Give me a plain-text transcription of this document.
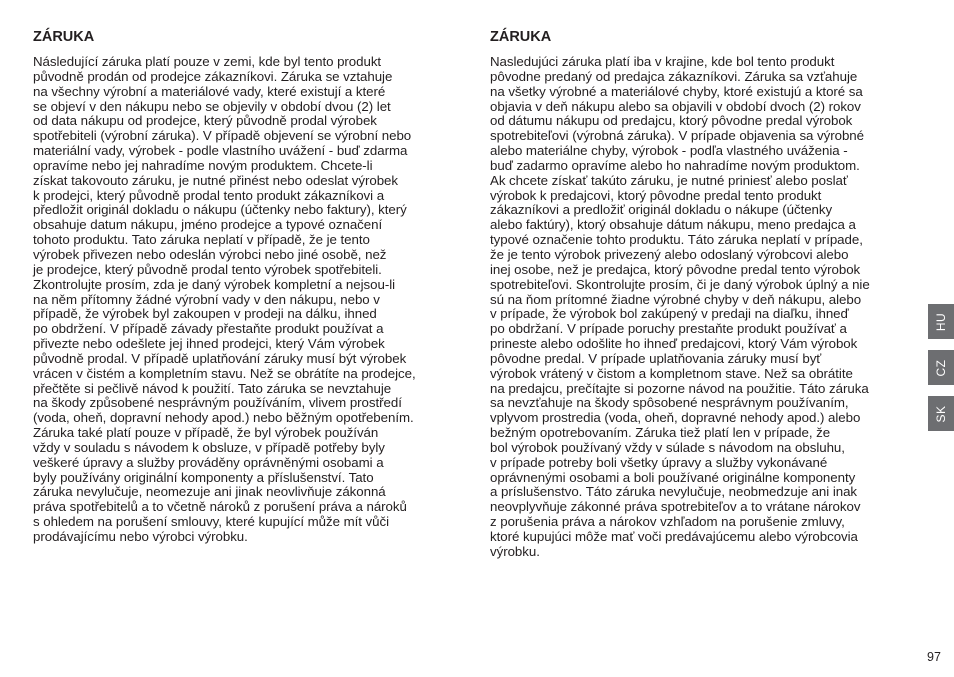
ZÁRUKA
Následující záruka platí pouze v zemi, kde byl tento produkt
původně prodán od prodejce zákazníkovi. Záruka se vztahuje
na všechny výrobní a materiálové vady, které existují a které
se objeví v den nákupu nebo se objevily v období dvou (2) let
od data nákupu od prodejce, který původně prodal výrobek
spotřebiteli (výrobní záruka). V případě objevení se výrobní nebo
materiální vady, výrobek - podle vlastního uvážení - buď zdarma
opravíme nebo jej nahradíme novým produktem. Chcete-li
získat takovouto záruku, je nutné přinést nebo odeslat výrobek
k prodejci, který původně prodal tento produkt zákazníkovi a
předložit originál dokladu o nákupu (účtenky nebo faktury), který
obsahuje datum nákupu, jméno prodejce a typové označení
tohoto produktu. Tato záruka neplatí v případě, že je tento
výrobek přivezen nebo odeslán výrobci nebo jiné osobě, než
je prodejce, který původně prodal tento výrobek spotřebiteli.
Zkontrolujte prosím, zda je daný výrobek kompletní a nejsou-li
na něm přítomny žádné výrobní vady v den nákupu, nebo v
případě, že výrobek byl zakoupen v prodeji na dálku, ihned
po obdržení. V případě závady přestaňte produkt používat a
přivezte nebo odešlete jej ihned prodejci, který Vám výrobek
původně prodal. V případě uplatňování záruky musí být výrobek
vrácen v čistém a kompletním stavu. Než se obrátíte na prodejce,
přečtěte si pečlivě návod k použití. Tato záruka se nevztahuje
na škody způsobené nesprávným používáním, vlivem prostředí
(voda, oheň, dopravní nehody apod.) nebo běžným opotřebením.
Záruka také platí pouze v případě, že byl výrobek používán
vždy v souladu s návodem k obsluze, v případě potřeby byly
veškeré úpravy a služby prováděny oprávněnými osobami a
byly používány originální komponenty a příslušenství. Tato
záruka nevylučuje, neomezuje ani jinak neovlivňuje zákonná
práva spotřebitelů a to včetně nároků z porušení práva a nároků
s ohledem na porušení smlouvy, které kupující může mít vůči
prodávajícímu nebo výrobci výrobku.
ZÁRUKA
Nasledujúci záruka platí iba v krajine, kde bol tento produkt
pôvodne predaný od predajca zákazníkovi. Záruka sa vzťahuje
na všetky výrobné a materiálové chyby, ktoré existujú a ktoré sa
objavia v deň nákupu alebo sa objavili v období dvoch (2) rokov
od dátumu nákupu od predajcu, ktorý pôvodne predal výrobok
spotrebiteľovi (výrobná záruka). V prípade objavenia sa výrobné
alebo materiálne chyby, výrobok - podľa vlastného uváženia -
buď zadarmo opravíme alebo ho nahradíme novým produktom.
Ak chcete získať takúto záruku, je nutné priniesť alebo poslať
výrobok k predajcovi, ktorý pôvodne predal tento produkt
zákazníkovi a predložiť originál dokladu o nákupe (účtenky
alebo faktúry), ktorý obsahuje dátum nákupu, meno predajca a
typové označenie tohto produktu. Táto záruka neplatí v prípade,
že je tento výrobok privezený alebo odoslaný výrobcovi alebo
inej osobe, než je predajca, ktorý pôvodne predal tento výrobok
spotrebiteľovi. Skontrolujte prosím, či je daný výrobok úplný a nie
sú na ňom prítomné žiadne výrobné chyby v deň nákupu, alebo
v prípade, že výrobok bol zakúpený v predaji na diaľku, ihneď
po obdržaní. V prípade poruchy prestaňte produkt používať a
prineste alebo odošlite ho ihneď predajcovi, ktorý Vám výrobok
pôvodne predal. V prípade uplatňovania záruky musí byť
výrobok vrátený v čistom a kompletnom stave. Než sa obrátite
na predajcu, prečítajte si pozorne návod na použitie. Táto záruka
sa nevzťahuje na škody spôsobené nesprávnym používaním,
vplyvom prostredia (voda, oheň, dopravné nehody apod.) alebo
bežným opotrebovaním. Záruka tiež platí len v prípade, že
bol výrobok používaný vždy v súlade s návodom na obsluhu,
v prípade potreby boli všetky úpravy a služby vykonávané
oprávnenými osobami a boli používané originálne komponenty
a príslušenstvo. Táto záruka nevylučuje, neobmedzuje ani inak
neovplyvňuje zákonné práva spotrebiteľov a to vrátane nárokov
z porušenia práva a nárokov vzhľadom na porušenie zmluvy,
ktoré kupujúci môže mať voči predávajúcemu alebo výrobcovia
výrobku.
HU
CZ
SK
97
